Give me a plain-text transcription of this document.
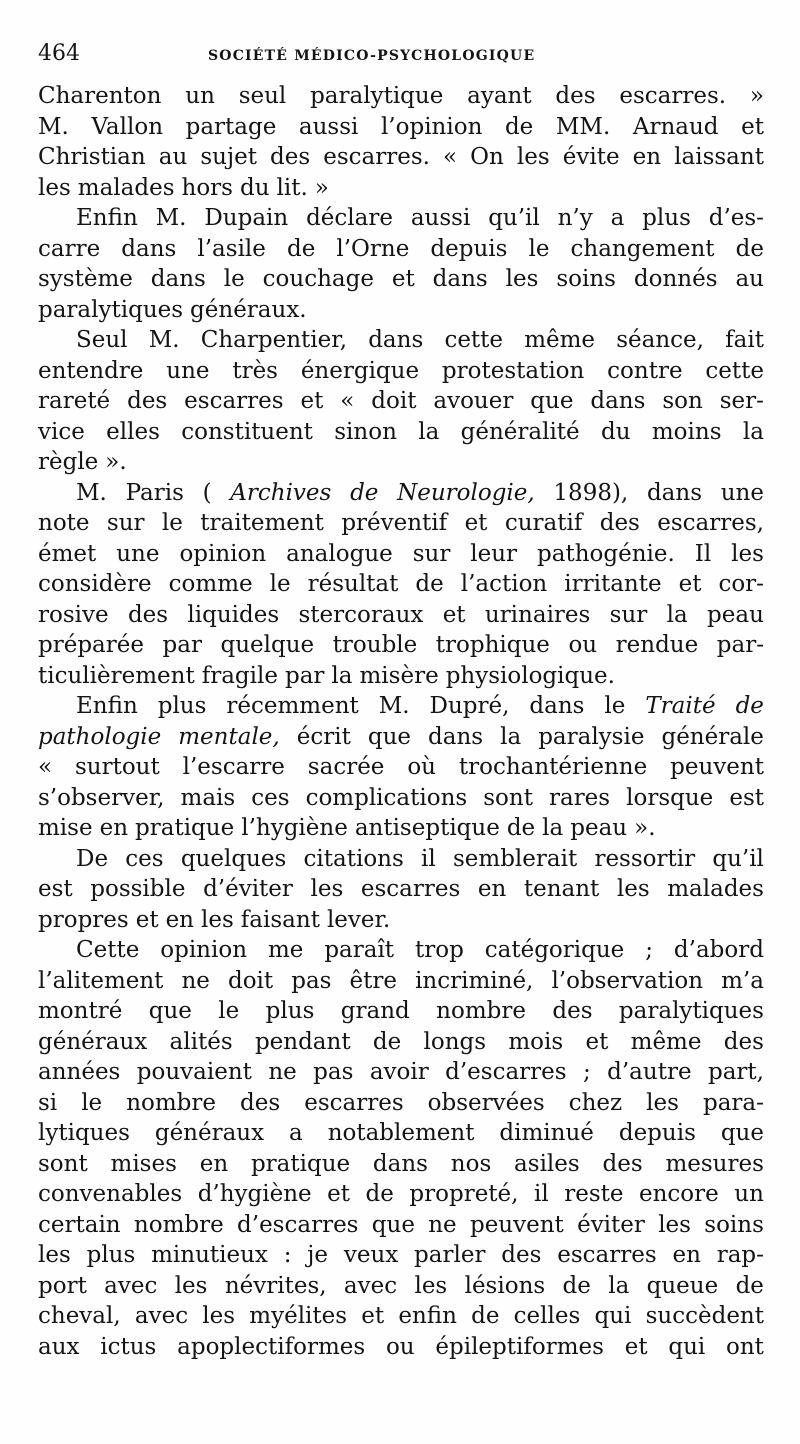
464	SOCIÉTÉ MÉDICO-PSYCHOLOGIQUE
Charenton un seul paralytique ayant des escarres. »
M. Vallon partage aussi l’opinion de MM. Arnaud et
Christian au sujet des escarres. « On les évite en laissant
les malades hors du lit. »
Enfin M. Dupain déclare aussi qu’il n’y a plus d’es-
carre dans l’asile de l’Orne depuis le changement de
système dans le couchage et dans les soins donnés au
paralytiques généraux.
Seul M. Charpentier, dans cette même séance, fait
entendre une très énergique protestation contre cette
rareté des escarres et « doit avouer que dans son ser-
vice elles constituent sinon la généralité du moins la
règle ».
M. Paris ( Archives de Neurologie, 1898), dans une
note sur le traitement préventif et curatif des escarres,
émet une opinion analogue sur leur pathogénie. Il les
considère comme le résultat de l’action irritante et cor-
rosive des liquides stercoraux et urinaires sur la peau
préparée par quelque trouble trophique ou rendue par-
ticulièrement fragile par la misère physiologique.
Enfin plus récemment M. Dupré, dans le Traité de
pathologie mentale, écrit que dans la paralysie générale
« surtout l’escarre sacrée où trochantérienne peuvent
s’observer, mais ces complications sont rares lorsque est
mise en pratique l’hygiène antiseptique de la peau ».
De ces quelques citations il semblerait ressortir qu’il
est possible d’éviter les escarres en tenant les malades
propres et en les faisant lever.
Cette opinion me paraît trop catégorique ; d’abord
l’alitement ne doit pas être incriminé, l’observation m’a
montré que le plus grand nombre des paralytiques
généraux alités pendant de longs mois et même des
années pouvaient ne pas avoir d’escarres ; d’autre part,
si le nombre des escarres observées chez les para-
lytiques généraux a notablement diminué depuis que
sont mises en pratique dans nos asiles des mesures
convenables d’hygiène et de propreté, il reste encore un
certain nombre d’escarres que ne peuvent éviter les soins
les plus minutieux : je veux parler des escarres en rap-
port avec les névrites, avec les lésions de la queue de
cheval, avec les myélites et enfin de celles qui succèdent
aux ictus apoplectiformes ou épileptiformes et qui ont
